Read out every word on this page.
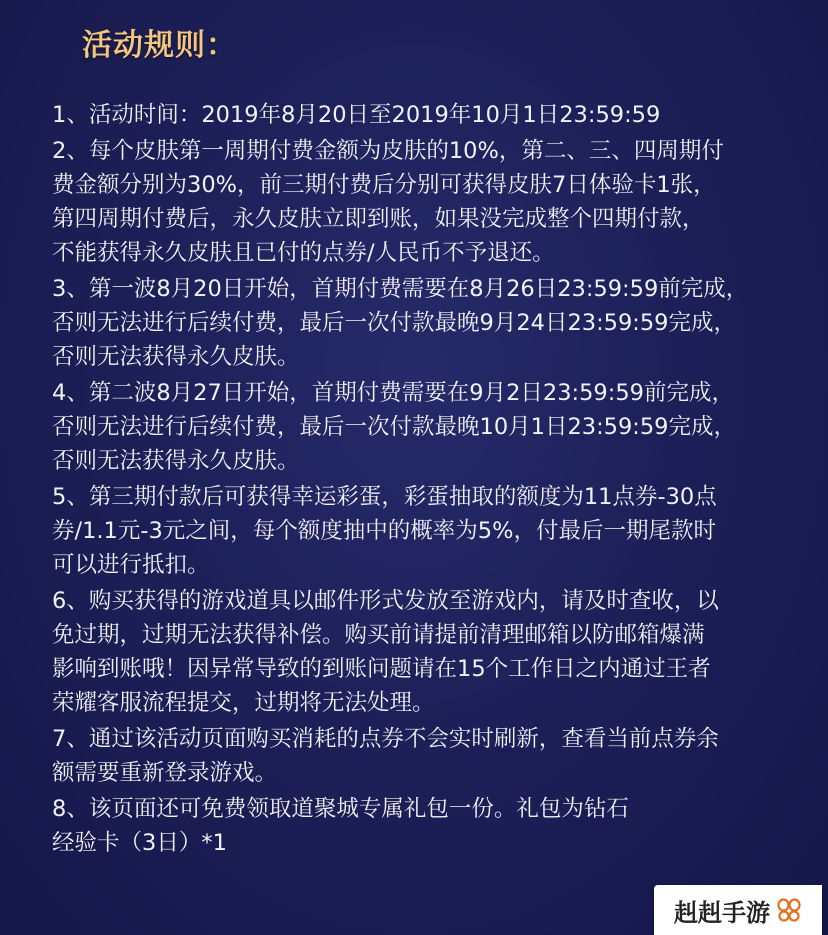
活动规则：
1、活动时间：2019年8月20日至2019年10月1日23:59:59
2、每个皮肤第一周期付费金额为皮肤的10%，第二、三、四周期付
费金额分别为30%，前三期付费后分别可获得皮肤7日体验卡1张，
第四周期付费后，永久皮肤立即到账，如果没完成整个四期付款，
不能获得永久皮肤且已付的点券/人民币不予退还。
3、第一波8月20日开始，首期付费需要在8月26日23:59:59前完成，
否则无法进行后续付费，最后一次付款最晚9月24日23:59:59完成，
否则无法获得永久皮肤。
4、第二波8月27日开始，首期付费需要在9月2日23:59:59前完成，
否则无法进行后续付费，最后一次付款最晚10月1日23:59:59完成，
否则无法获得永久皮肤。
5、第三期付款后可获得幸运彩蛋，彩蛋抽取的额度为11点券-30点
券/1.1元-3元之间，每个额度抽中的概率为5%，付最后一期尾款时
可以进行抵扣。
6、购买获得的游戏道具以邮件形式发放至游戏内，请及时查收，以
免过期，过期无法获得补偿。购买前请提前清理邮箱以防邮箱爆满
影响到账哦！因异常导致的到账问题请在15个工作日之内通过王者
荣耀客服流程提交，过期将无法处理。
7、通过该活动页面购买消耗的点券不会实时刷新，查看当前点券余
额需要重新登录游戏。
8、该页面还可免费领取道聚城专属礼包一份。礼包为钻石
经验卡（3日）*1
赳赳手游
